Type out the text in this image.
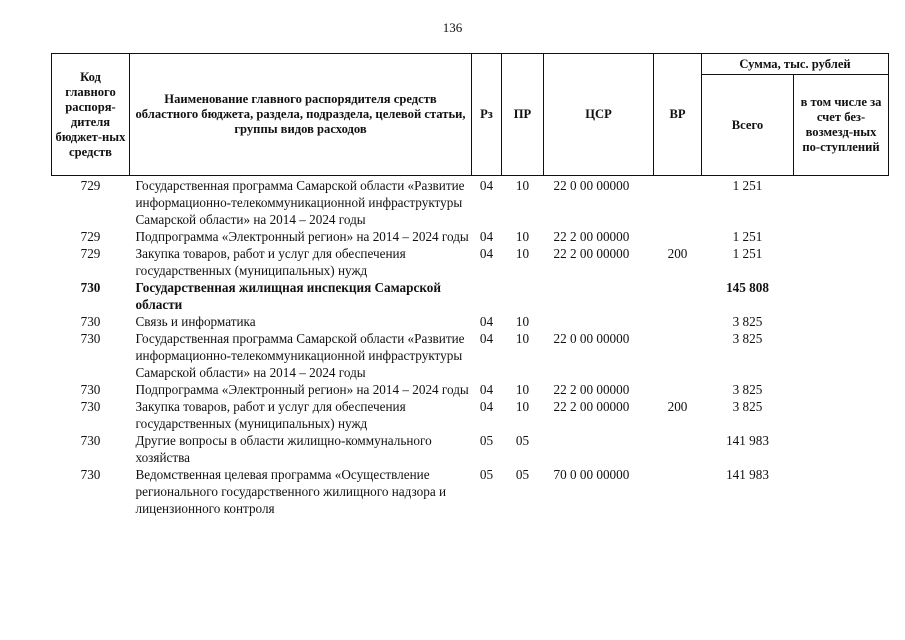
136
Код главного распоря-дителя бюджет-ных средств	Наименование главного распорядителя средств областного бюджета, раздела, подраздела, целевой статьи, группы видов расходов	Рз	ПР	ЦСР	ВР	Сумма, тыс. рублей	
						Всего	в том числе за счет без-возмезд-ных по-ступлений
729	Государственная программа Самарской области «Развитие информационно-телекоммуникационной инфраструктуры Самарской области» на 2014 – 2024 годы	04	10	22 0 00 00000		1 251	
729	Подпрограмма «Электронный регион» на 2014 – 2024 годы	04	10	22 2 00 00000		1 251	
729	Закупка товаров, работ и услуг для обеспечения государственных (муниципальных) нужд	04	10	22 2 00 00000	200	1 251	
730	Государственная жилищная инспекция Самарской области					145 808	
730	Связь и информатика	04	10			3 825	
730	Государственная программа Самарской области «Развитие информационно-телекоммуникационной инфраструктуры Самарской области» на 2014 – 2024 годы	04	10	22 0 00 00000		3 825	
730	Подпрограмма «Электронный регион» на 2014 – 2024 годы	04	10	22 2 00 00000		3 825	
730	Закупка товаров, работ и услуг для обеспечения государственных (муниципальных) нужд	04	10	22 2 00 00000	200	3 825	
730	Другие вопросы в области жилищно-коммунального хозяйства	05	05			141 983	
730	Ведомственная целевая программа «Осуществление регионального государственного жилищного надзора и лицензионного контроля	05	05	70 0 00 00000		141 983	
